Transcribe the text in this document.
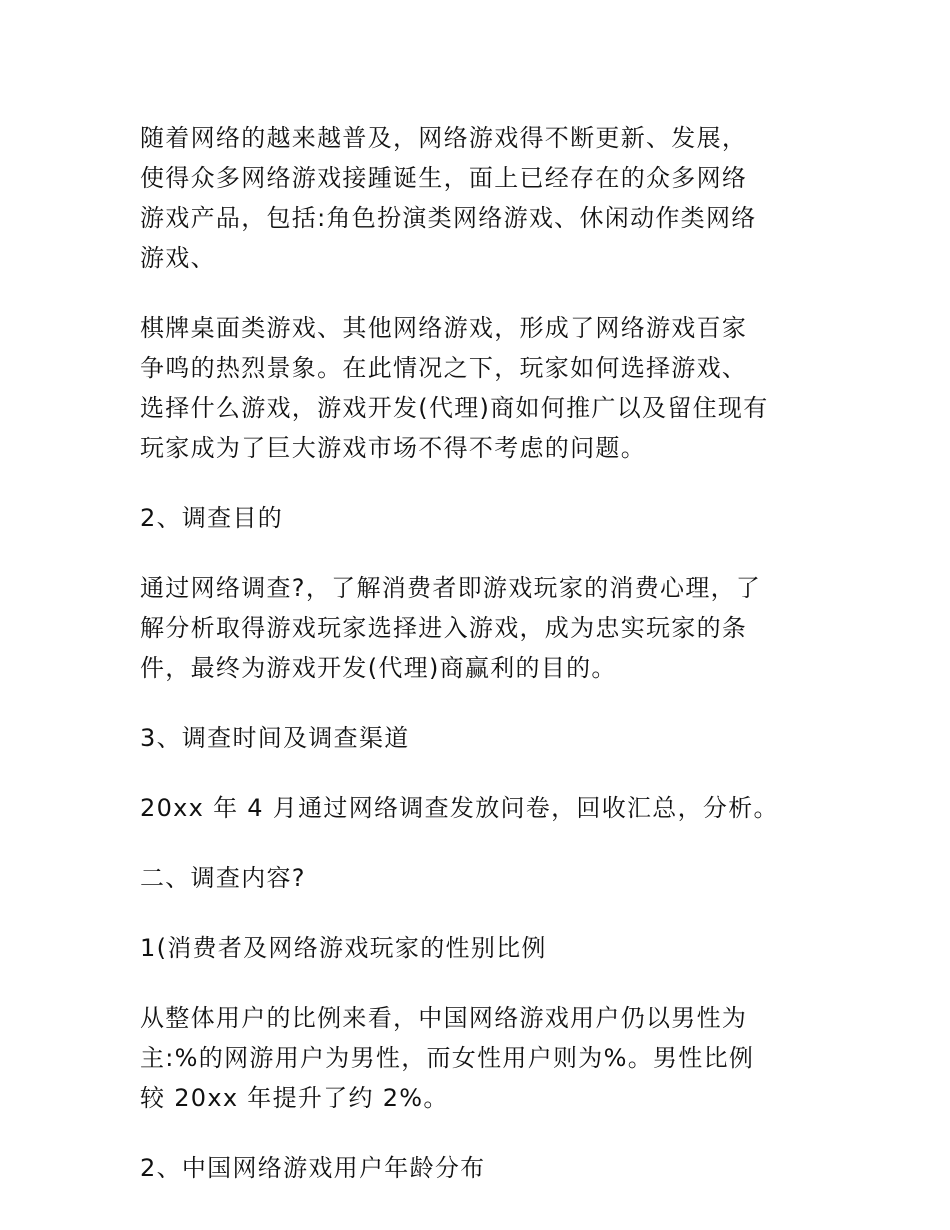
随着网络的越来越普及，网络游戏得不断更新、发展，
使得众多网络游戏接踵诞生，面上已经存在的众多网络
游戏产品，包括:角色扮演类网络游戏、休闲动作类网络
游戏、
棋牌桌面类游戏、其他网络游戏，形成了网络游戏百家
争鸣的热烈景象。在此情况之下，玩家如何选择游戏、
选择什么游戏，游戏开发(代理)商如何推广以及留住现有
玩家成为了巨大游戏市场不得不考虑的问题。
2、调查目的
通过网络调查?，了解消费者即游戏玩家的消费心理，了
解分析取得游戏玩家选择进入游戏，成为忠实玩家的条
件，最终为游戏开发(代理)商赢利的目的。
3、调查时间及调查渠道
20xx 年 4 月通过网络调查发放问卷，回收汇总，分析。
二、调查内容?
1(消费者及网络游戏玩家的性别比例
从整体用户的比例来看，中国网络游戏用户仍以男性为
主:%的网游用户为男性，而女性用户则为%。男性比例
较 20xx 年提升了约 2%。
2、中国网络游戏用户年龄分布
